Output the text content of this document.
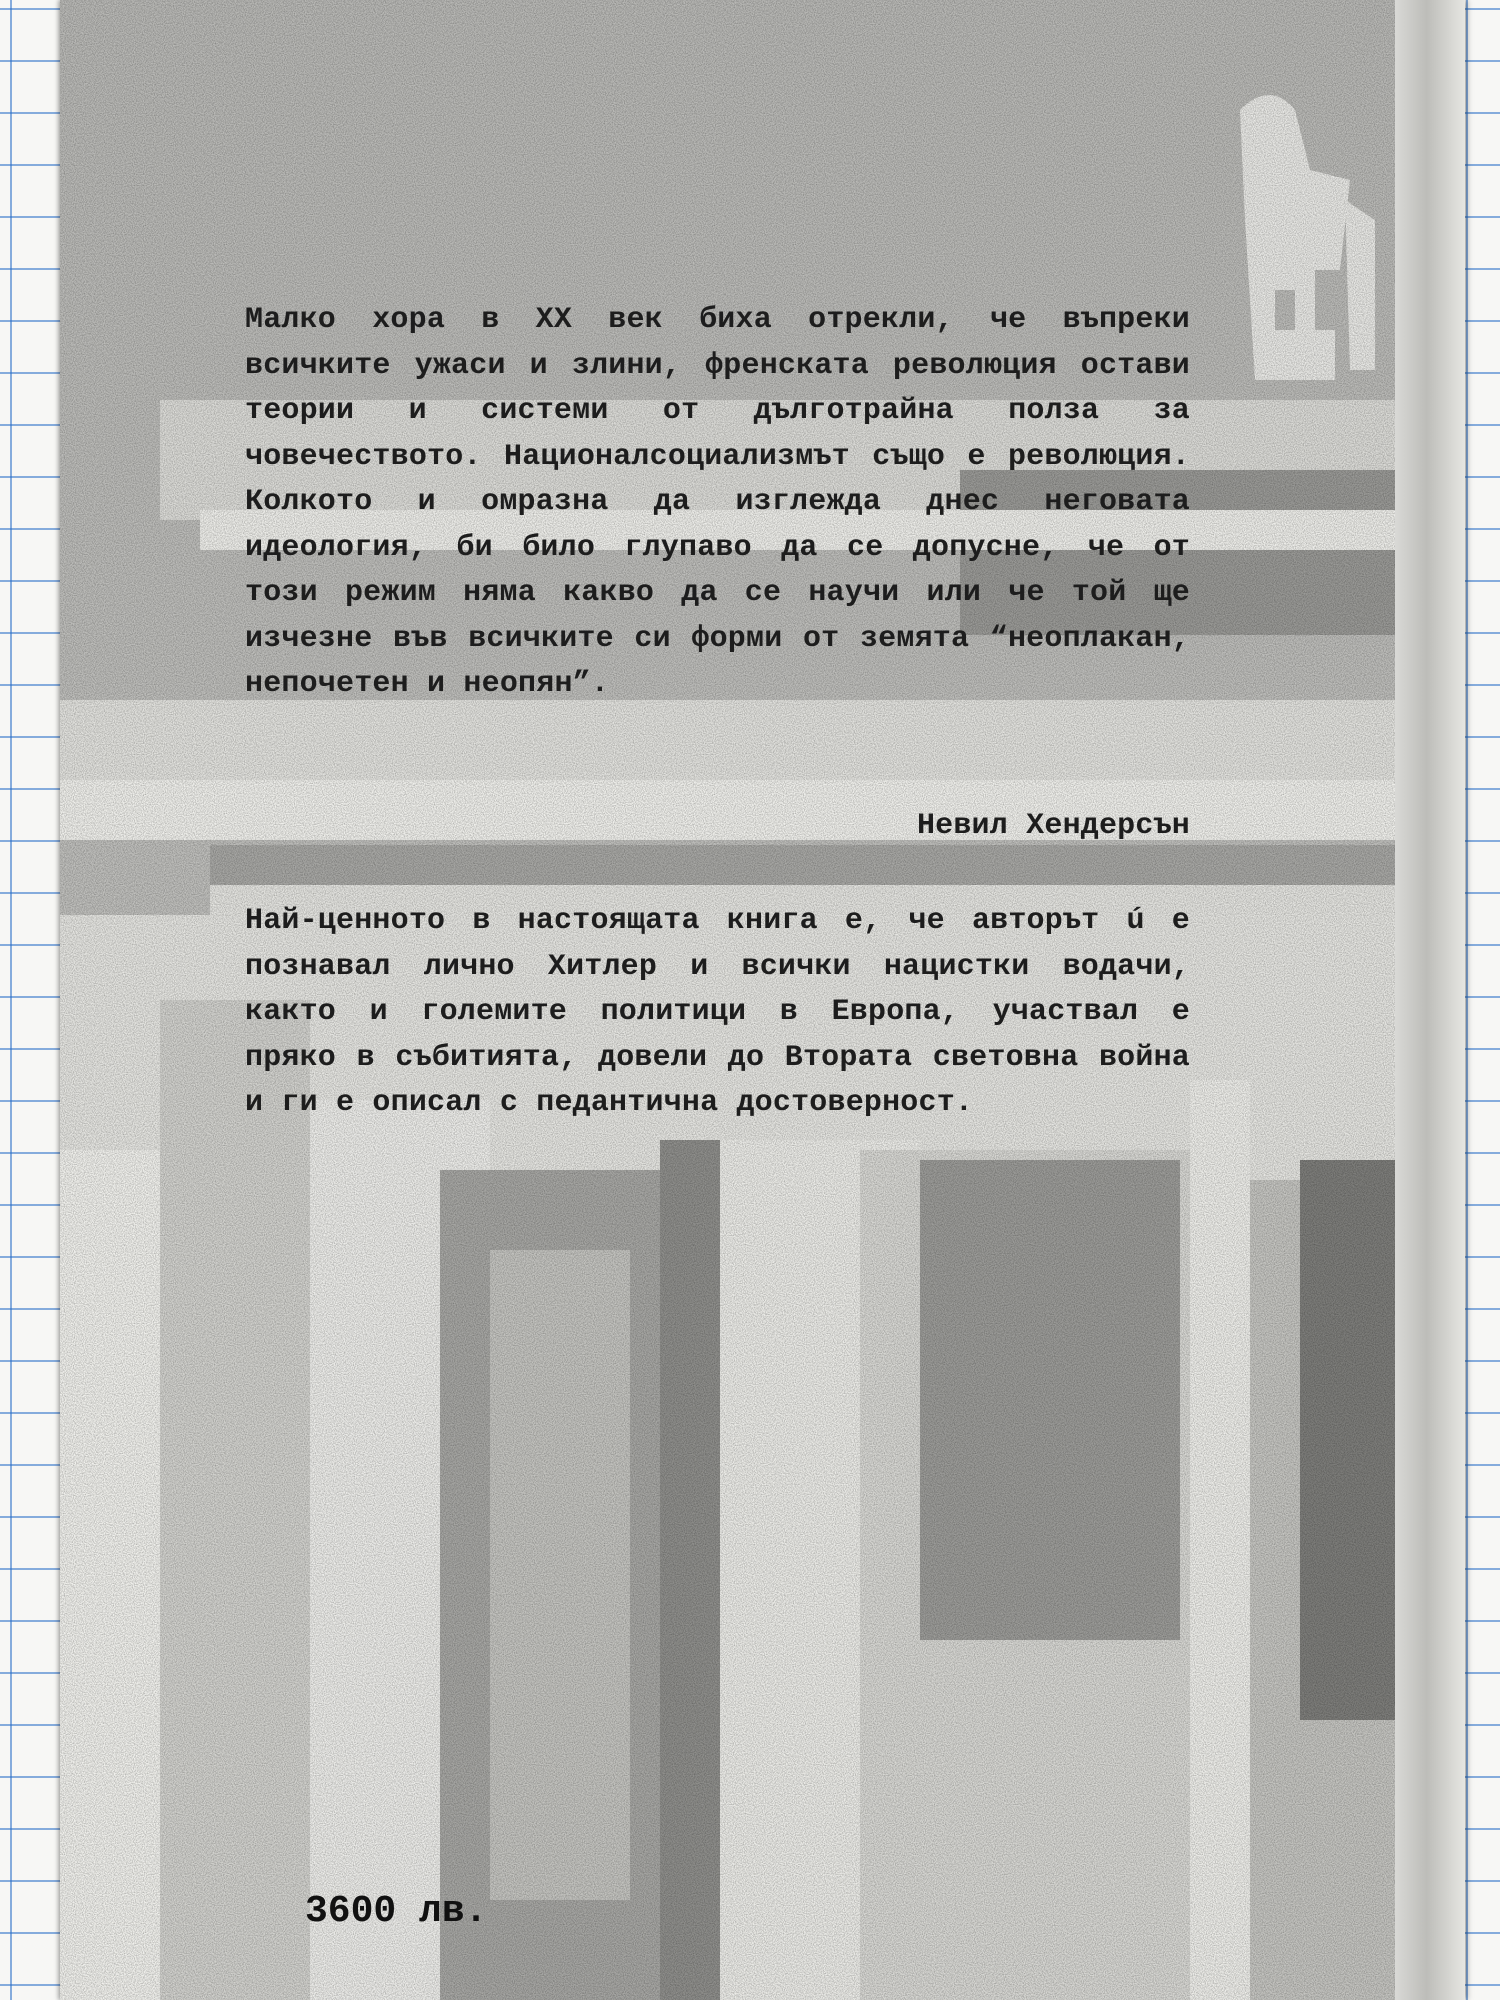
Малко хора в XX век биха отрекли, че въпреки всичките ужаси и злини, френската революция остави теории и системи от дълготрайна полза за човечеството. Националсоциализмът също е революция. Колкото и омразна да изглежда днес неговата идеология, би било глупаво да се допусне, че от този режим няма какво да се научи или че той ще изчезне във всичките си форми от земята “неоплакан, непочетен и неопян”.
Невил Хендерсън
Най-ценното в настоящата книга е, че авторът ú е познавал лично Хитлер и всички нацистки водачи, както и големите политици в Европа, участвал е пряко в събитията, довели до Втората световна война и ги е описал с педантична достоверност.
3600 лв.
